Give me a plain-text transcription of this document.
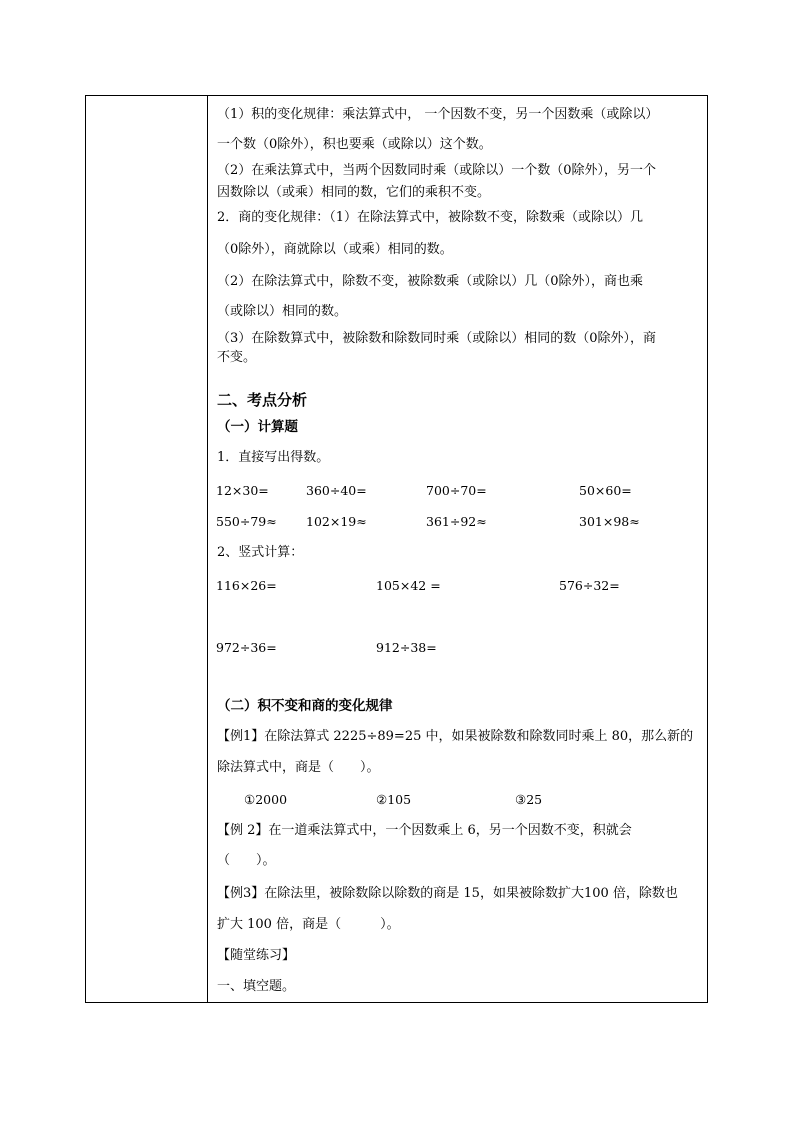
（1）积的变化规律：乘法算式中， 一个因数不变，另一个因数乘（或除以）
一个数（0除外），积也要乘（或除以）这个数。
（2）在乘法算式中，当两个因数同时乘（或除以）一个数（0除外），另一个
因数除以（或乘）相同的数，它们的乘积不变。
2．商的变化规律：（1）在除法算式中，被除数不变，除数乘（或除以）几
（0除外），商就除以（或乘）相同的数。
（2）在除法算式中，除数不变，被除数乘（或除以）几（0除外），商也乘
（或除以）相同的数。
（3）在除数算式中，被除数和除数同时乘（或除以）相同的数（0除外），商
不变。
二、考点分析
（一）计算题
1．直接写出得数。
12×30=	360÷40=	700÷70=	50×60=
550÷79≈ 102×19≈	361÷92≈	301×98≈
2、竖式计算：
116×26=	105×42 =	576÷32=
972÷36=	912÷38=
（二）积不变和商的变化规律
【例1】在除法算式 2225÷89=25 中，如果被除数和除数同时乘上 80，那么新的
除法算式中，商是（　　）。
①2000	②105	③25
【例 2】在一道乘法算式中，一个因数乘上 6，另一个因数不变，积就会
（　　）。
【例3】在除法里，被除数除以除数的商是 15，如果被除数扩大100 倍，除数也
扩大 100 倍，商是（　　　）。
【随堂练习】
一、填空题。
